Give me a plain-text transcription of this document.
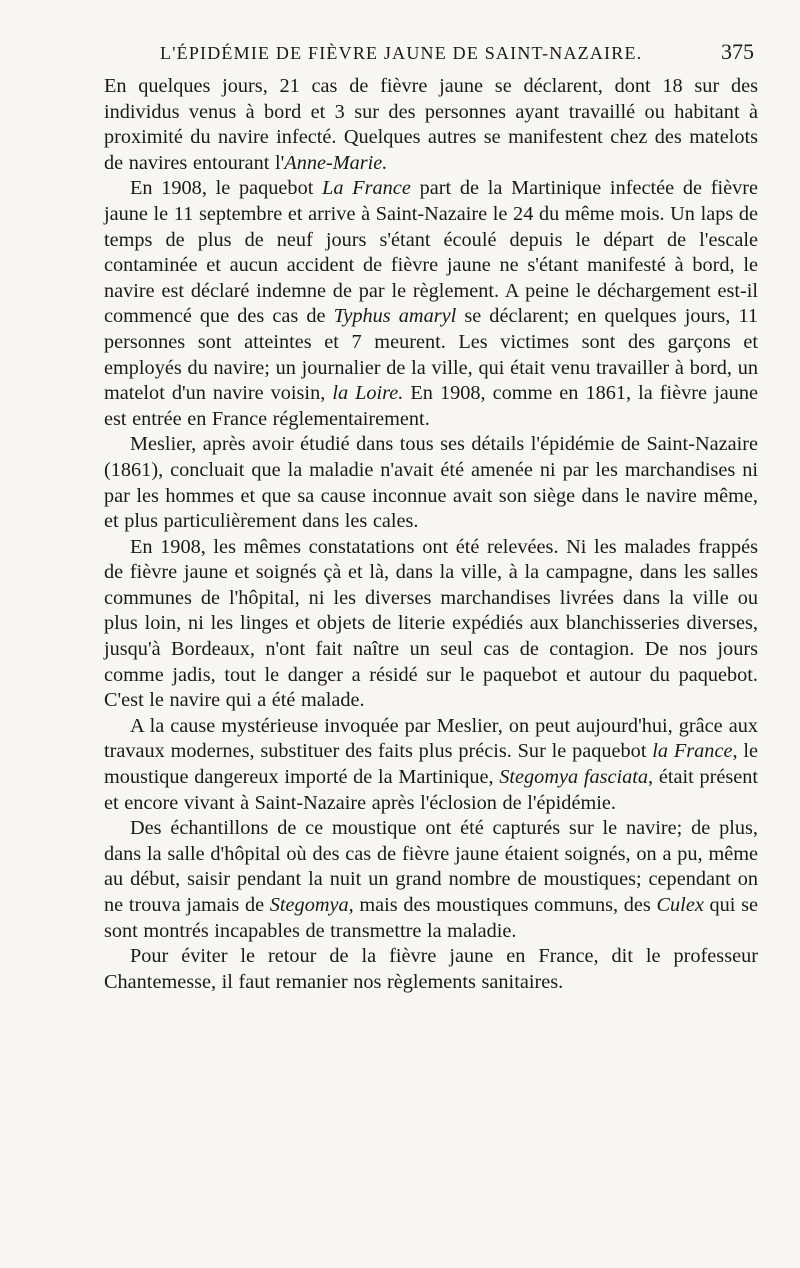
L'ÉPIDÉMIE DE FIÈVRE JAUNE DE SAINT-NAZAIRE.	375

En quelques jours, 21 cas de fièvre jaune se déclarent, dont 18 sur des individus venus à bord et 3 sur des personnes ayant travaillé ou habitant à proximité du navire infecté. Quelques autres se manifestent chez des matelots de navires entourant l'Anne-Marie.

En 1908, le paquebot La France part de la Martinique infectée de fièvre jaune le 11 septembre et arrive à Saint-Nazaire le 24 du même mois. Un laps de temps de plus de neuf jours s'étant écoulé depuis le départ de l'escale contaminée et aucun accident de fièvre jaune ne s'étant manifesté à bord, le navire est déclaré indemne de par le règlement. A peine le déchargement est-il commencé que des cas de Typhus amaryl se déclarent; en quelques jours, 11 personnes sont atteintes et 7 meurent. Les victimes sont des garçons et employés du navire; un journalier de la ville, qui était venu travailler à bord, un matelot d'un navire voisin, la Loire. En 1908, comme en 1861, la fièvre jaune est entrée en France réglementairement.

Meslier, après avoir étudié dans tous ses détails l'épidémie de Saint-Nazaire (1861), concluait que la maladie n'avait été amenée ni par les marchandises ni par les hommes et que sa cause inconnue avait son siège dans le navire même, et plus particulièrement dans les cales.

En 1908, les mêmes constatations ont été relevées. Ni les malades frappés de fièvre jaune et soignés çà et là, dans la ville, à la campagne, dans les salles communes de l'hôpital, ni les diverses marchandises livrées dans la ville ou plus loin, ni les linges et objets de literie expédiés aux blanchisseries diverses, jusqu'à Bordeaux, n'ont fait naître un seul cas de contagion. De nos jours comme jadis, tout le danger a résidé sur le paquebot et autour du paquebot. C'est le navire qui a été malade.

A la cause mystérieuse invoquée par Meslier, on peut aujourd'hui, grâce aux travaux modernes, substituer des faits plus précis. Sur le paquebot la France, le moustique dangereux importé de la Martinique, Stegomya fasciata, était présent et encore vivant à Saint-Nazaire après l'éclosion de l'épidémie.

Des échantillons de ce moustique ont été capturés sur le navire; de plus, dans la salle d'hôpital où des cas de fièvre jaune étaient soignés, on a pu, même au début, saisir pendant la nuit un grand nombre de moustiques; cependant on ne trouva jamais de Stegomya, mais des moustiques communs, des Culex qui se sont montrés incapables de transmettre la maladie.

Pour éviter le retour de la fièvre jaune en France, dit le professeur Chantemesse, il faut remanier nos règlements sanitaires.
